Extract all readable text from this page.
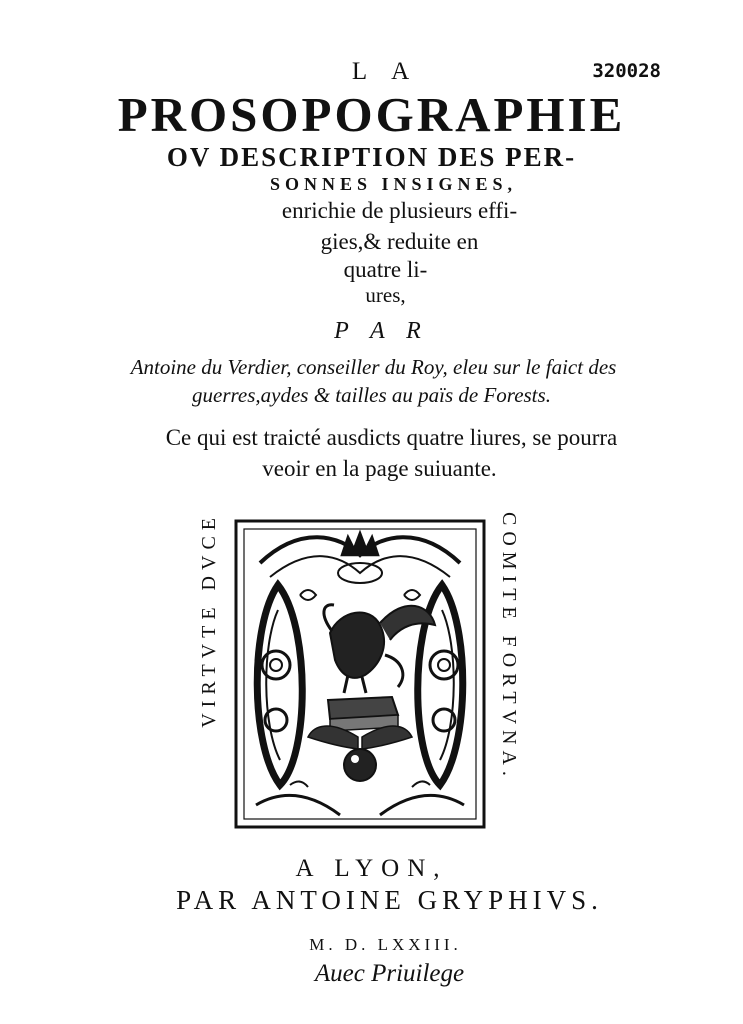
320028
L A
PROSOPOGRAPHIE
OV DESCRIPTION DES PER-
SONNES INSIGNES,
enrichie de plusieurs effi-
gies,& reduite en
quatre li-
ures,
P A R
Antoine du Verdier, conseiller du Roy, eleu sur le faict des
guerres,aydes & tailles au païs de Forests.
Ce qui est traicté ausdicts quatre liures, se pourra
veoir en la page suiuante.
VIRTVTE DVCE	COMITE FORTVNA.
A LYON,
PAR ANTOINE GRYPHIVS.
M. D. LXXIII.
Auec Priuilege
